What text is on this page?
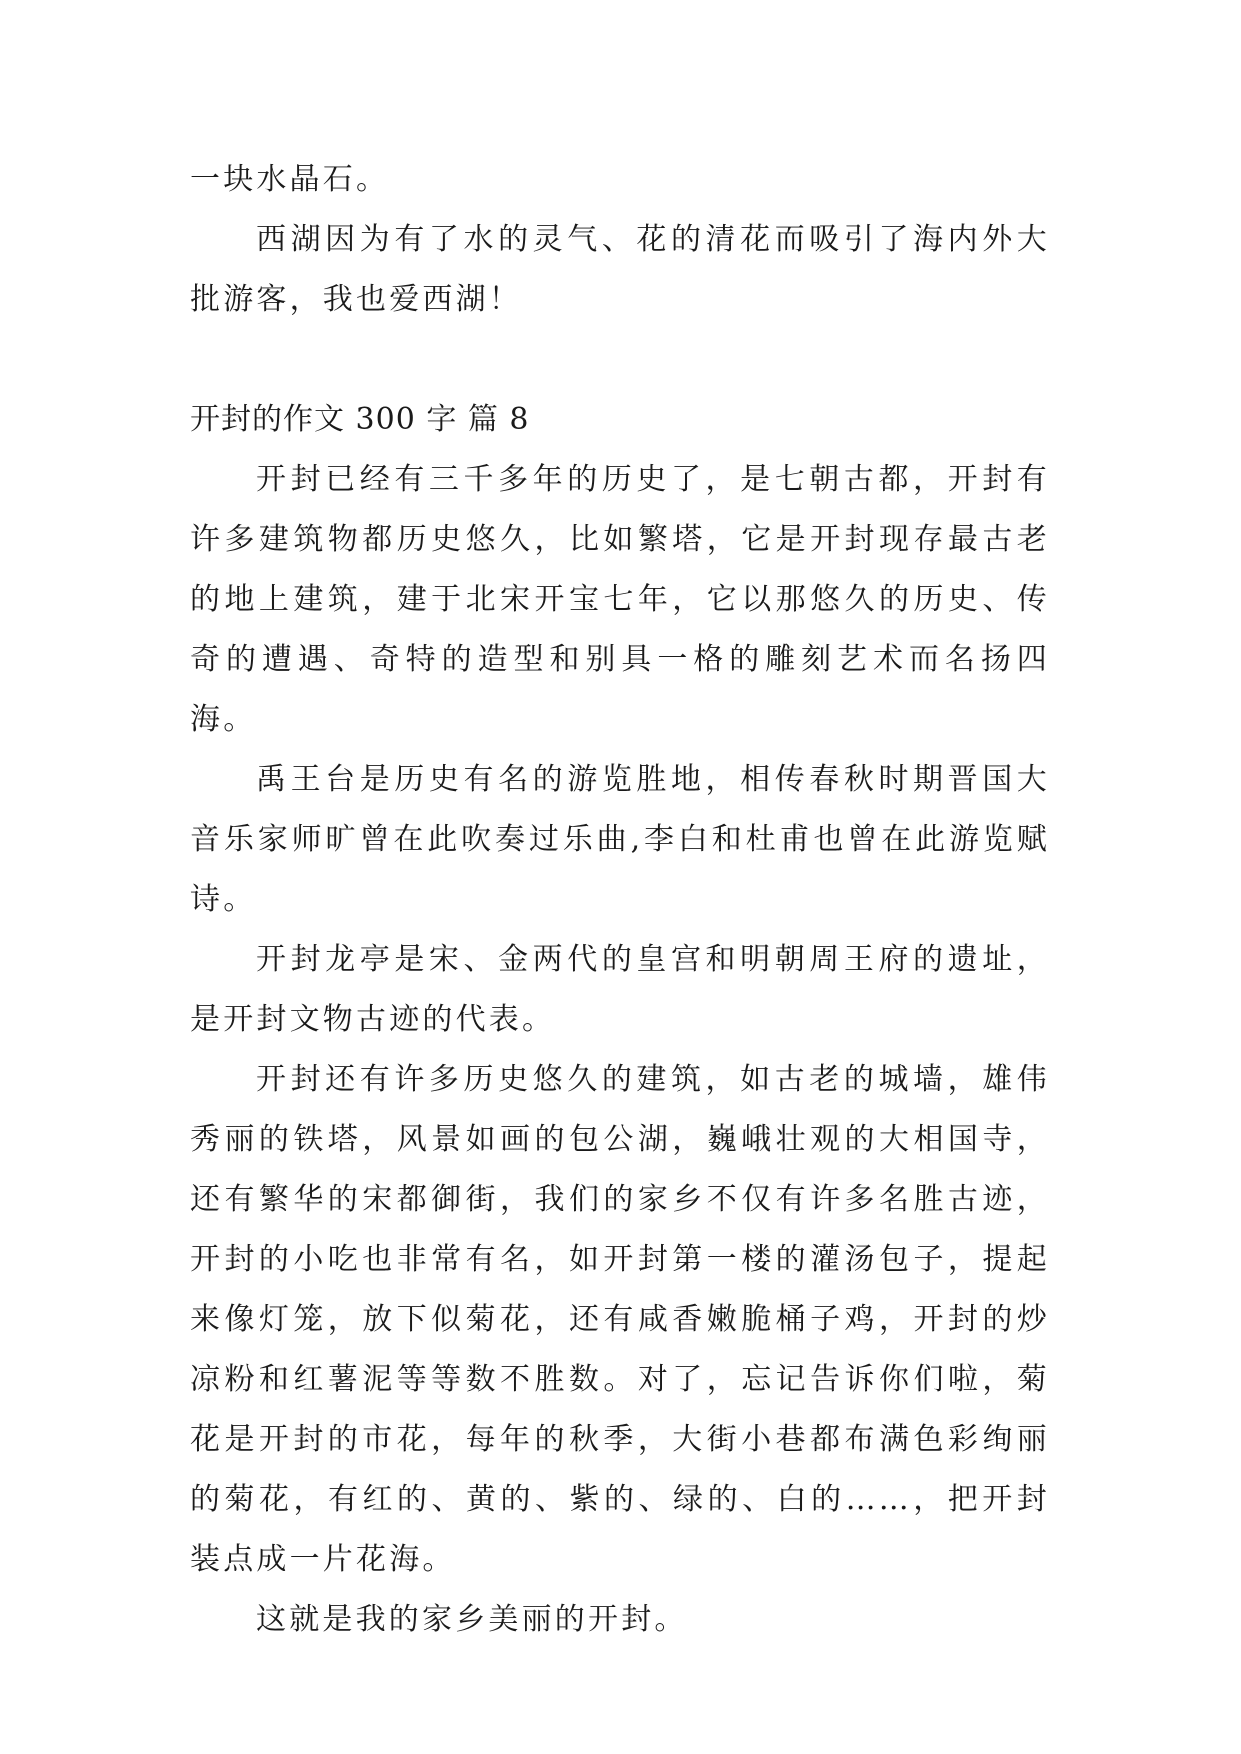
一块水晶石。

西湖因为有了水的灵气、花的清花而吸引了海内外大批游客，我也爱西湖！

开封的作文 300 字 篇 8

开封已经有三千多年的历史了，是七朝古都，开封有许多建筑物都历史悠久，比如繁塔，它是开封现存最古老的地上建筑，建于北宋开宝七年，它以那悠久的历史、传奇的遭遇、奇特的造型和别具一格的雕刻艺术而名扬四海。

禹王台是历史有名的游览胜地，相传春秋时期晋国大音乐家师旷曾在此吹奏过乐曲,李白和杜甫也曾在此游览赋诗。

开封龙亭是宋、金两代的皇宫和明朝周王府的遗址，是开封文物古迹的代表。

开封还有许多历史悠久的建筑，如古老的城墙，雄伟秀丽的铁塔，风景如画的包公湖，巍峨壮观的大相国寺，还有繁华的宋都御街，我们的家乡不仅有许多名胜古迹，开封的小吃也非常有名，如开封第一楼的灌汤包子，提起来像灯笼，放下似菊花，还有咸香嫩脆桶子鸡，开封的炒凉粉和红薯泥等等数不胜数。对了，忘记告诉你们啦，菊花是开封的市花，每年的秋季，大街小巷都布满色彩绚丽的菊花，有红的、黄的、紫的、绿的、白的……，把开封装点成一片花海。

这就是我的家乡美丽的开封。
